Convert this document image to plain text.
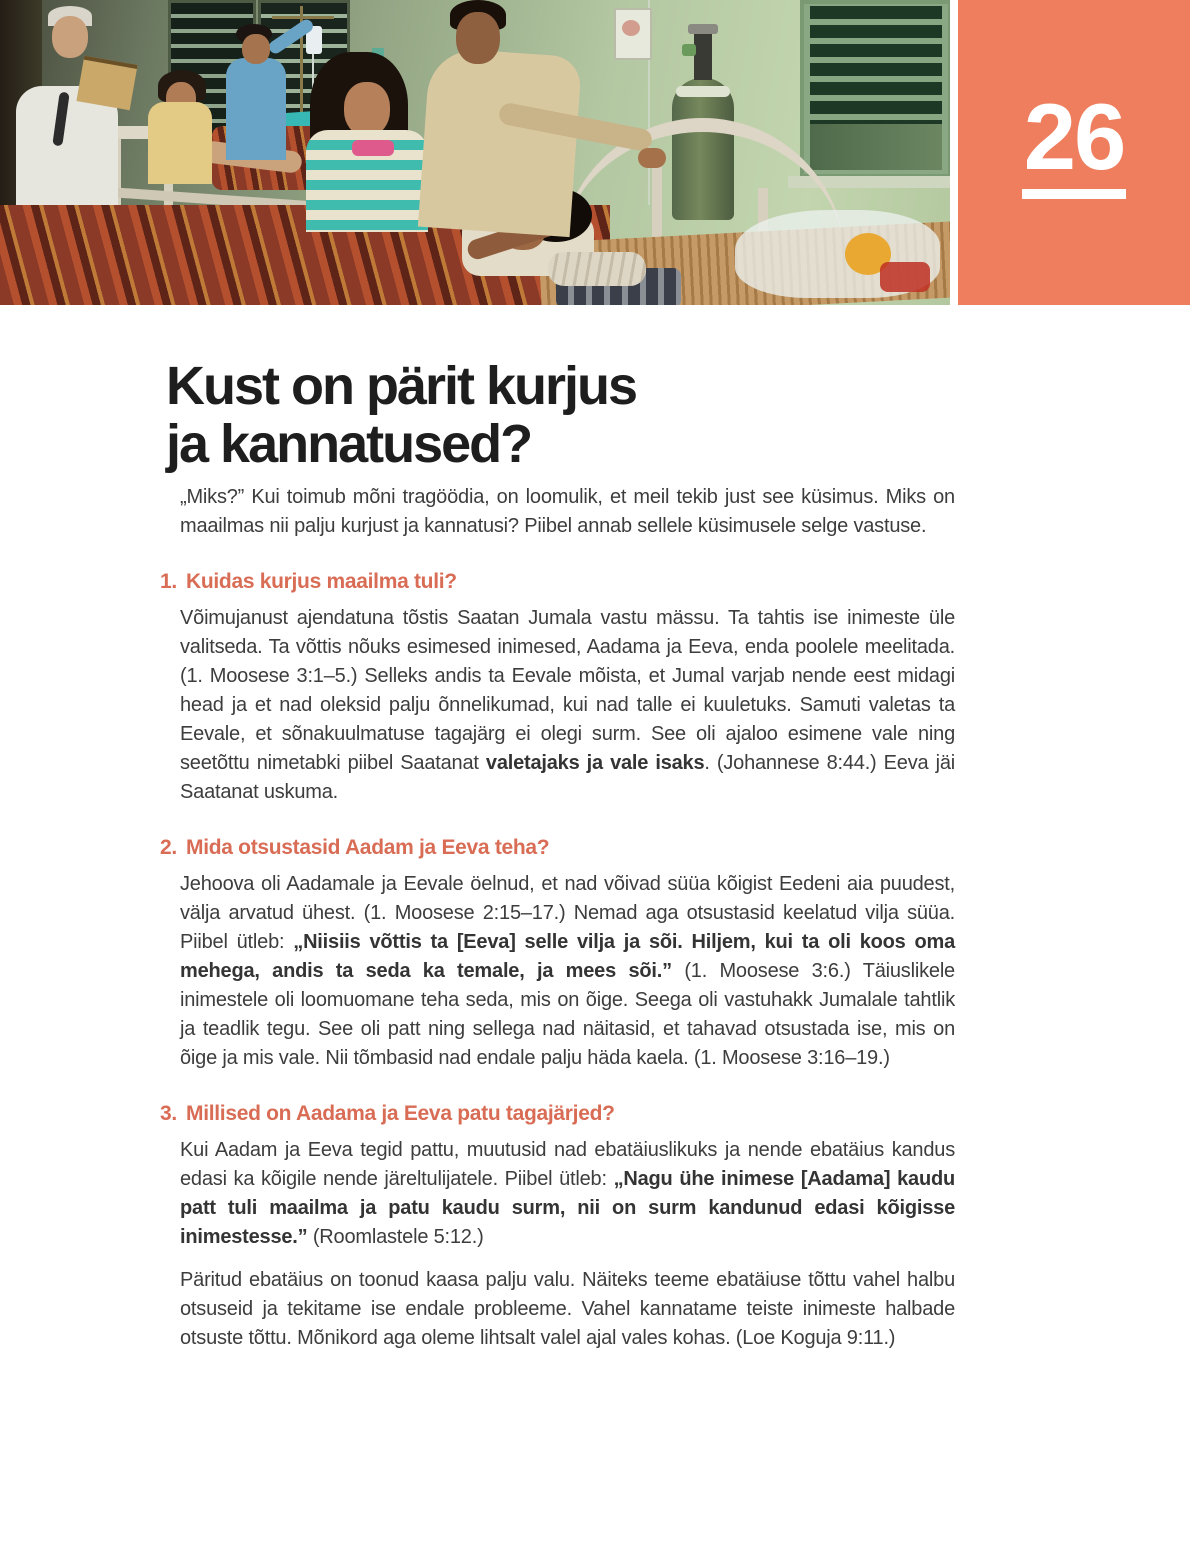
26
Kust on pärit kurjus
ja kannatused?

„Miks?” Kui toimub mõni tragöödia, on loomulik, et meil tekib just see küsimus. Miks on maailmas nii palju kurjust ja kannatusi? Piibel annab sellele küsimusele selge vastuse.

1. Kuidas kurjus maailma tuli?

Võimujanust ajendatuna tõstis Saatan Jumala vastu mässu. Ta tahtis ise inimeste üle valitseda. Ta võttis nõuks esimesed inimesed, Aadama ja Eeva, enda poolele meelitada. (1. Moosese 3:1–5.) Selleks andis ta Eevale mõista, et Jumal varjab nende eest midagi head ja et nad oleksid palju õnnelikumad, kui nad talle ei kuuletuks. Samuti valetas ta Eevale, et sõnakuulmatuse tagajärg ei olegi surm. See oli ajaloo esimene vale ning seetõttu nimetabki piibel Saatanat valetajaks ja vale isaks. (Johannese 8:44.) Eeva jäi Saatanat uskuma.

2. Mida otsustasid Aadam ja Eeva teha?

Jehoova oli Aadamale ja Eevale öelnud, et nad võivad süüa kõigist Eedeni aia puudest, välja arvatud ühest. (1. Moosese 2:15–17.) Nemad aga otsustasid keelatud vilja süüa. Piibel ütleb: „Niisiis võttis ta [Eeva] selle vilja ja sõi. Hiljem, kui ta oli koos oma mehega, andis ta seda ka temale, ja mees sõi.” (1. Moosese 3:6.) Täiuslikele inimestele oli loomuomane teha seda, mis on õige. Seega oli vastuhakk Jumalale tahtlik ja teadlik tegu. See oli patt ning sellega nad näitasid, et tahavad otsustada ise, mis on õige ja mis vale. Nii tõmbasid nad endale palju häda kaela. (1. Moosese 3:16–19.)

3. Millised on Aadama ja Eeva patu tagajärjed?

Kui Aadam ja Eeva tegid pattu, muutusid nad ebatäiuslikuks ja nende ebatäius kandus edasi ka kõigile nende järeltulijatele. Piibel ütleb: „Nagu ühe inimese [Aadama] kaudu patt tuli maailma ja patu kaudu surm, nii on surm kandunud edasi kõigisse inimestesse.” (Roomlastele 5:12.)

Päritud ebatäius on toonud kaasa palju valu. Näiteks teeme ebatäiuse tõttu vahel halbu otsuseid ja tekitame ise endale probleeme. Vahel kannatame teiste inimeste halbade otsuste tõttu. Mõnikord aga oleme lihtsalt valel ajal vales kohas. (Loe Koguja 9:11.)
